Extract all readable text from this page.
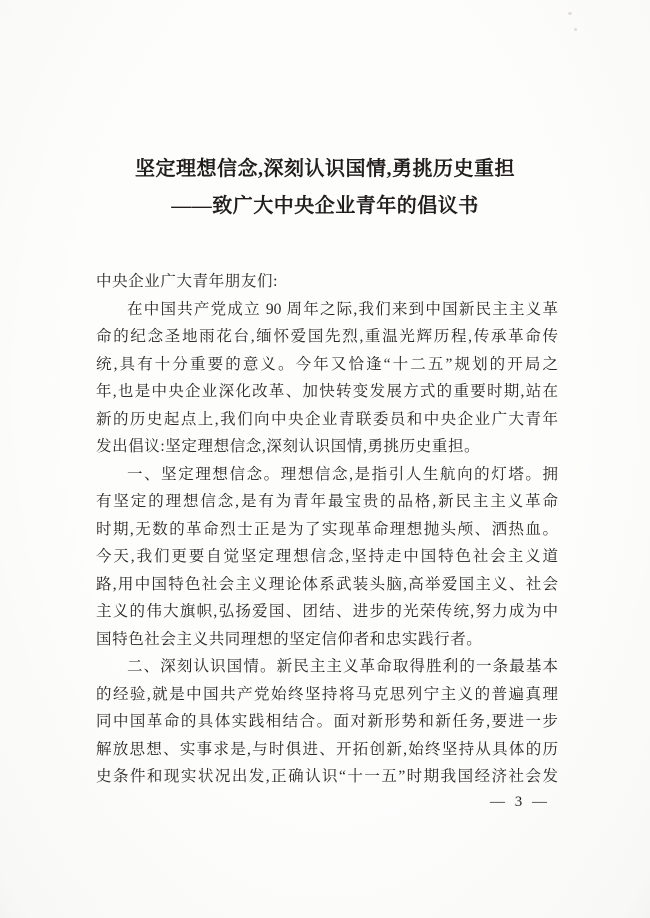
坚定理想信念,深刻认识国情,勇挑历史重担
——致广大中央企业青年的倡议书
中央企业广大青年朋友们:
在中国共产党成立 90 周年之际,我们来到中国新民主主义革
命的纪念圣地雨花台,缅怀爱国先烈,重温光辉历程,传承革命传
统,具有十分重要的意义。今年又恰逢“十二五”规划的开局之
年,也是中央企业深化改革、加快转变发展方式的重要时期,站在
新的历史起点上,我们向中央企业青联委员和中央企业广大青年
发出倡议:坚定理想信念,深刻认识国情,勇挑历史重担。
一、坚定理想信念。理想信念,是指引人生航向的灯塔。拥
有坚定的理想信念,是有为青年最宝贵的品格,新民主主义革命
时期,无数的革命烈士正是为了实现革命理想抛头颅、洒热血。
今天,我们更要自觉坚定理想信念,坚持走中国特色社会主义道
路,用中国特色社会主义理论体系武装头脑,高举爱国主义、社会
主义的伟大旗帜,弘扬爱国、团结、进步的光荣传统,努力成为中
国特色社会主义共同理想的坚定信仰者和忠实践行者。
二、深刻认识国情。新民主主义革命取得胜利的一条最基本
的经验,就是中国共产党始终坚持将马克思列宁主义的普遍真理
同中国革命的具体实践相结合。面对新形势和新任务,要进一步
解放思想、实事求是,与时俱进、开拓创新,始终坚持从具体的历
史条件和现实状况出发,正确认识“十一五”时期我国经济社会发
— 3 —
